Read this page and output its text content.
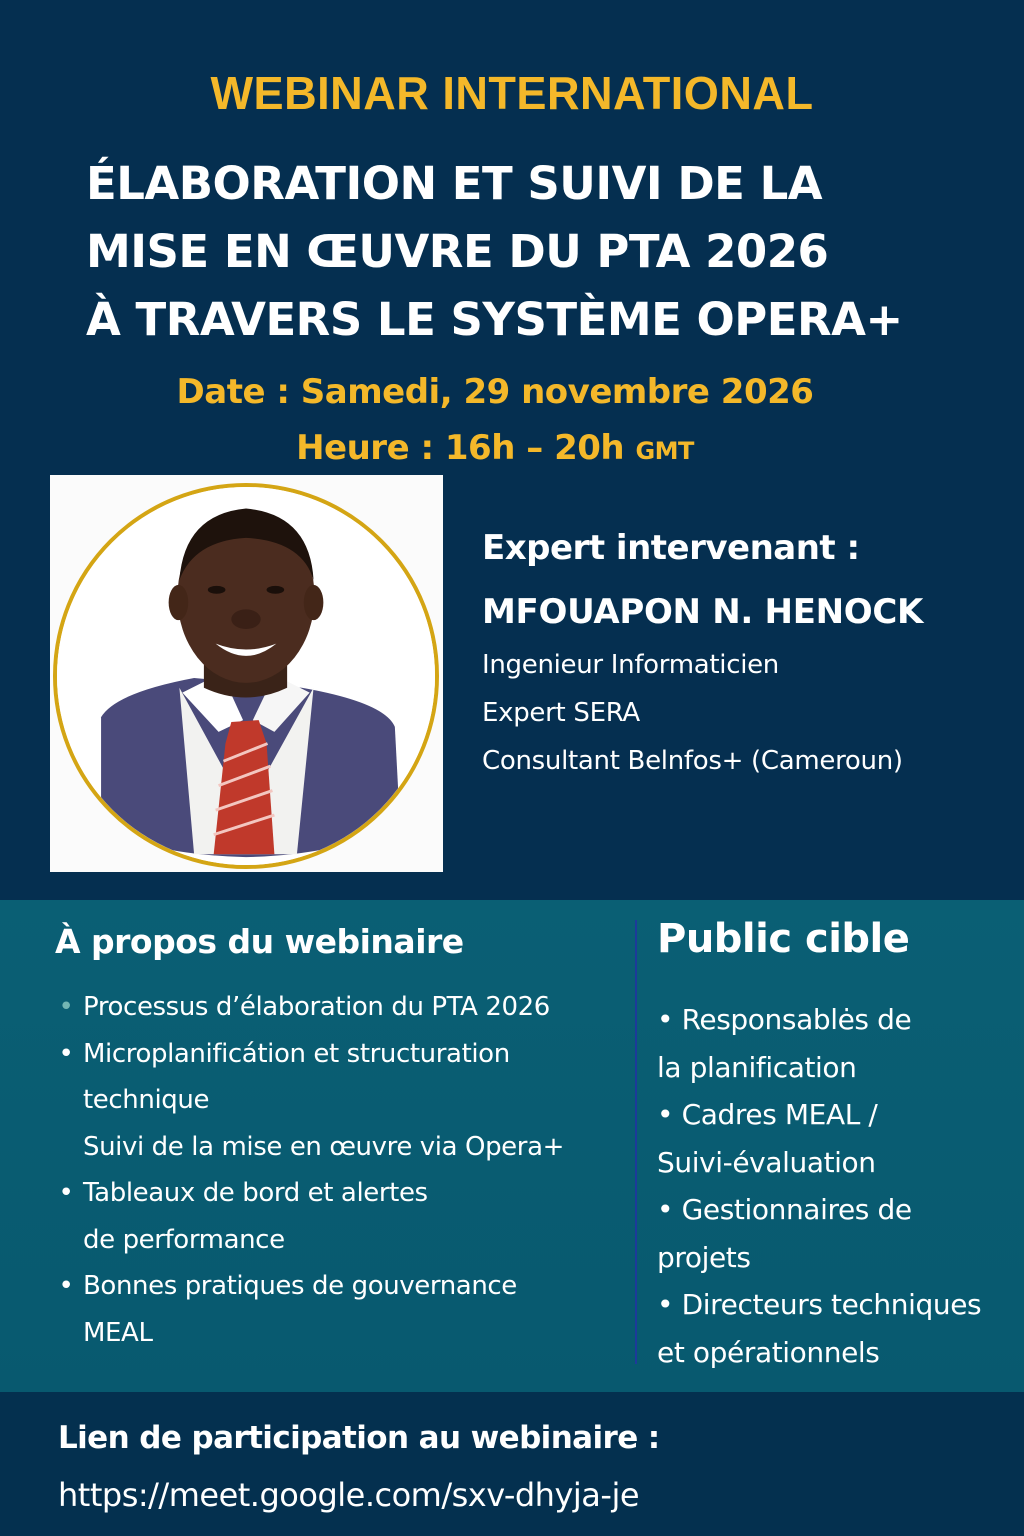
WEBINAR INTERNATIONAL
ÉLABORATION ET SUIVI DE LA
MISE EN ŒUVRE DU PTA 2026
À TRAVERS LE SYSTÈME OPERA+
Date : Samedi, 29 novembre 2026
Heure : 16h – 20h GMT
Expert intervenant :
MFOUAPON N. HENOCK
Ingenieur Informaticien
Expert SERA
Consultant Belnfos+ (Cameroun)
À propos du webinaire
• Processus d’élaboration du PTA 2026
• Microplanificátion et structuration
technique
Suivi de la mise en œuvre via Opera+
• Tableaux de bord et alertes
de performance
• Bonnes pratiques de gouvernance
MEAL
Public cible
• Responsablės de
la planification
• Cadres MEAL /
Suivi-évaluation
• Gestionnaires de
projets
• Directeurs techniques
et opérationnels
Lien de participation au webinaire :
https://meet.google.com/sxv-dhyja-je
